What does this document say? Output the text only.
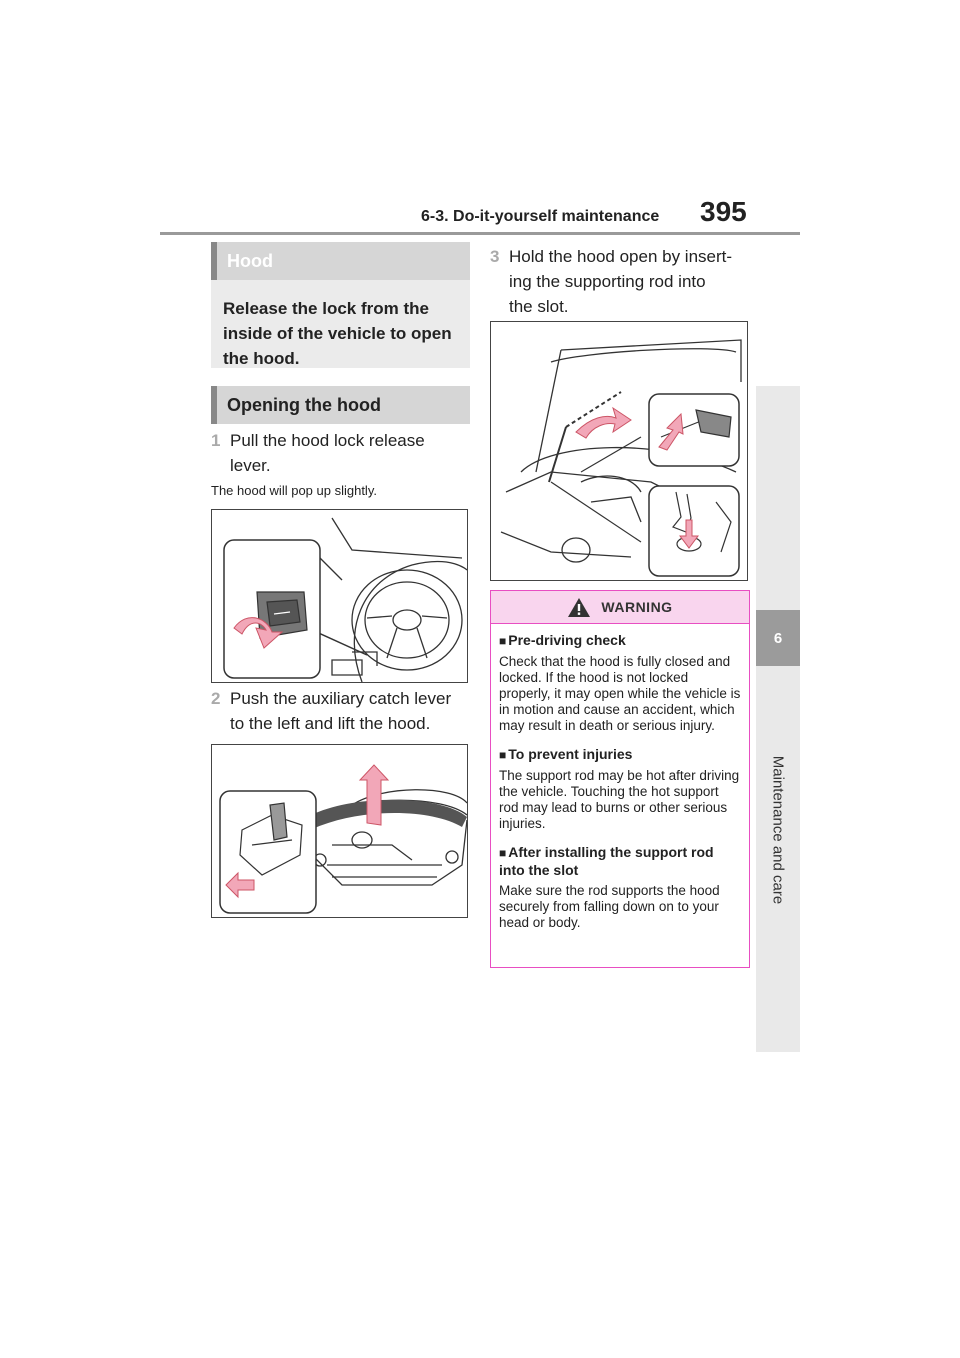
6-3. Do-it-yourself maintenance 395
6
Maintenance and care
Hood
Release the lock from the inside of the vehicle to open the hood.
Opening the hood
1 Pull the hood lock release
lever.
The hood will pop up slightly.
2 Push the auxiliary catch lever
to the left and lift the hood.
3 Hold the hood open by insert-
ing the supporting rod into
the slot.
WARNING
■ Pre-driving check
Check that the hood is fully closed and locked. If the hood is not locked properly, it may open while the vehicle is in motion and cause an accident, which may result in death or serious injury.
■ To prevent injuries
The support rod may be hot after driving the vehicle. Touching the hot support rod may lead to burns or other serious injuries.
■ After installing the support rod into the slot
Make sure the rod supports the hood securely from falling down on to your head or body.
